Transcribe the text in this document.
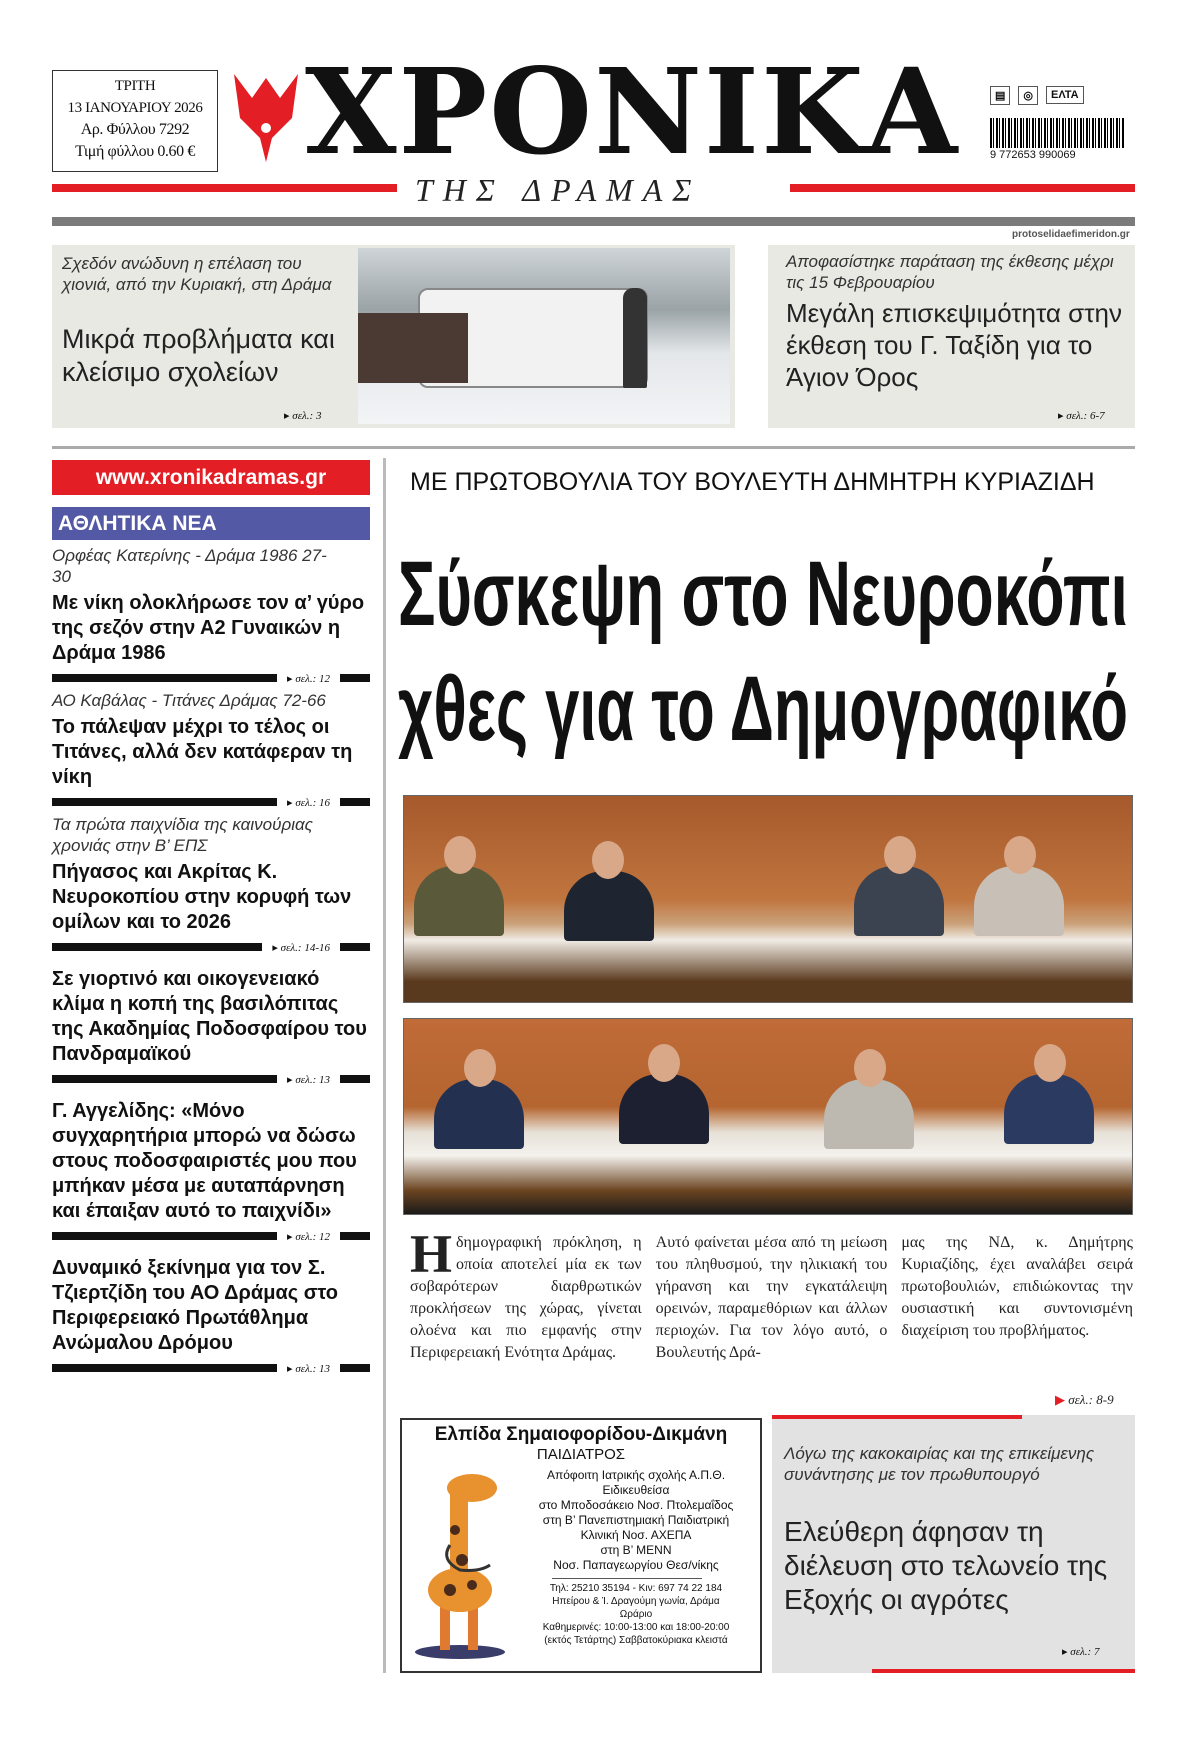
ΤΡΙΤΗ
13 ΙΑΝΟΥΑΡΙΟΥ 2026
Αρ. Φύλλου 7292
Τιμή φύλλου 0.60 € ΧΡΟΝΙΚΑ
ΤΗΣ ΔΡΑΜΑΣ
▤	◎	ΕΛΤΑ
9 772653 990069
protoselidaefimeridon.gr
Σχεδόν ανώδυνη η επέλαση του χιονιά, από την Κυριακή, στη Δράμα
Μικρά προβλήματα και κλείσιμο σχολείων
▸ σελ.: 3
Αποφασίστηκε παράταση της έκθεσης μέχρι τις 15 Φεβρουαρίου
Μεγάλη επισκεψιμότητα στην έκθεση του Γ. Ταξίδη για το Άγιον Όρος
▸ σελ.: 6-7
www.xronikadramas.gr
ΑΘΛΗΤΙΚΑ ΝΕΑ
Ορφέας Κατερίνης - Δράμα 1986 27-30
Με νίκη ολοκλήρωσε τον α’ γύρο της σεζόν στην Α2 Γυναικών η Δράμα 1986
▸ σελ.: 12
ΑΟ Καβάλας - Τιτάνες Δράμας 72-66
Το πάλεψαν μέχρι το τέλος οι Τιτάνες, αλλά δεν κατάφεραν τη νίκη
▸ σελ.: 16
Τα πρώτα παιχνίδια της καινούριας χρονιάς στην Β’ ΕΠΣ
Πήγασος και Ακρίτας Κ. Νευροκοπίου στην κορυφή των ομίλων και το 2026
▸ σελ.: 14-16
Σε γιορτινό και οικογενειακό κλίμα η κοπή της βασιλόπιτας της Ακαδημίας Ποδοσφαίρου του Πανδραμαϊκού
▸ σελ.: 13
Γ. Αγγελίδης: «Μόνο συγχαρητήρια μπορώ να δώσω στους ποδοσφαιριστές μου που μπήκαν μέσα με αυταπάρνηση και έπαιξαν αυτό το παιχνίδι»
▸ σελ.: 12
Δυναμικό ξεκίνημα για τον Σ. Τζιερτζίδη του ΑΟ Δράμας στο Περιφερειακό Πρωτάθλημα Ανώμαλου Δρόμου
▸ σελ.: 13
ΜΕ ΠΡΩΤΟΒΟΥΛΙΑ ΤΟΥ ΒΟΥΛΕΥΤΗ ΔΗΜΗΤΡΗ ΚΥΡΙΑΖΙΔΗ
Σύσκεψη στο Νευροκόπι
χθες για το Δημογραφικό
Ηδημογραφική πρόκληση, η οποία αποτελεί μία εκ των σοβαρότερων διαρθρωτικών προκλήσεων της χώρας, γίνεται ολοένα και πιο εμφανής στην Περιφερειακή Ενότητα Δράμας.
Αυτό φαίνεται μέσα από τη μείωση του πληθυσμού, την ηλικιακή του γήρανση και την εγκατάλειψη ορεινών, παραμεθόριων και άλλων περιοχών. Για τον λόγο αυτό, ο Βουλευτής Δρά-
μας της ΝΔ, κ. Δημήτρης Κυριαζίδης, έχει αναλάβει σειρά πρωτοβουλιών, επιδιώκοντας την ουσιαστική και συντονισμένη διαχείριση του προβλήματος.
▶ σελ.: 8-9
Ελπίδα Σημαιοφορίδου-Δικμάνη
ΠΑΙΔΙΑΤΡΟΣ
Απόφοιτη Ιατρικής σχολής Α.Π.Θ.
Ειδικευθείσα
στο Μποδοσάκειο Νοσ. Πτολεμαΐδος
στη Β’ Πανεπιστημιακή Παιδιατρική
Κλινική Νοσ. ΑΧΕΠΑ
στη Β’ ΜΕΝΝ
Νοσ. Παπαγεωργίου Θεσ/νίκης
Τηλ: 25210 35194 - Κιν: 697 74 22 184
Ηπείρου & Ί. Δραγούμη γωνία, Δράμα
Ωράριο
Καθημερινές: 10:00-13:00 και 18:00-20:00
(εκτός Τετάρτης) Σαββατοκύριακα κλειστά
Λόγω της κακοκαιρίας και της επικείμενης συνάντησης με τον πρωθυπουργό
Ελεύθερη άφησαν τη διέλευση στο τελωνείο της Εξοχής οι αγρότες
▸ σελ.: 7
